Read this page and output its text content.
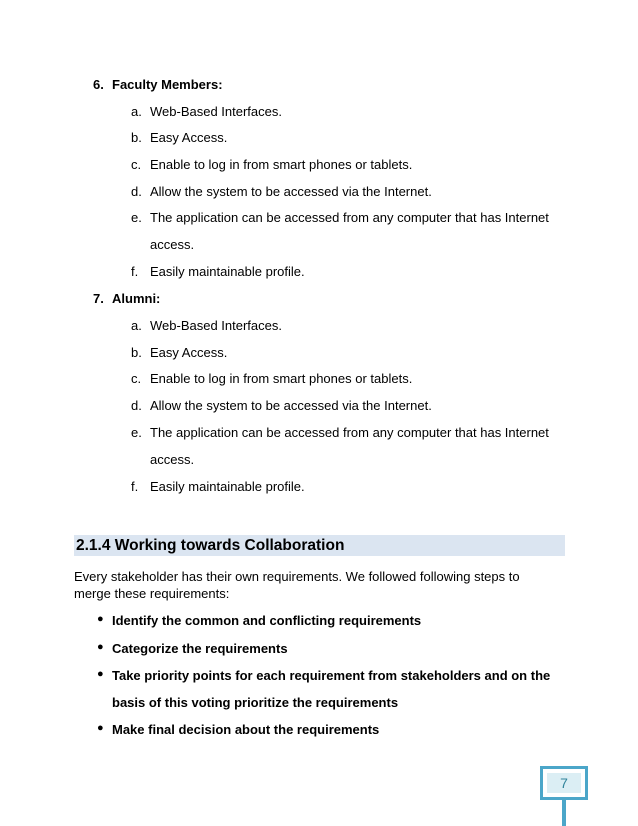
6. Faculty Members:
a. Web-Based Interfaces.
b. Easy Access.
c. Enable to log in from smart phones or tablets.
d. Allow the system to be accessed via the Internet.
e. The application can be accessed from any computer that has Internet
access.
f. Easily maintainable profile.
7. Alumni:
a. Web-Based Interfaces.
b. Easy Access.
c. Enable to log in from smart phones or tablets.
d. Allow the system to be accessed via the Internet.
e. The application can be accessed from any computer that has Internet
access.
f. Easily maintainable profile.
2.1.4 Working towards Collaboration
Every stakeholder has their own requirements. We followed following steps to
merge these requirements:
● Identify the common and conflicting requirements
● Categorize the requirements
● Take priority points for each requirement from stakeholders and on the
basis of this voting prioritize the requirements
● Make final decision about the requirements
7
